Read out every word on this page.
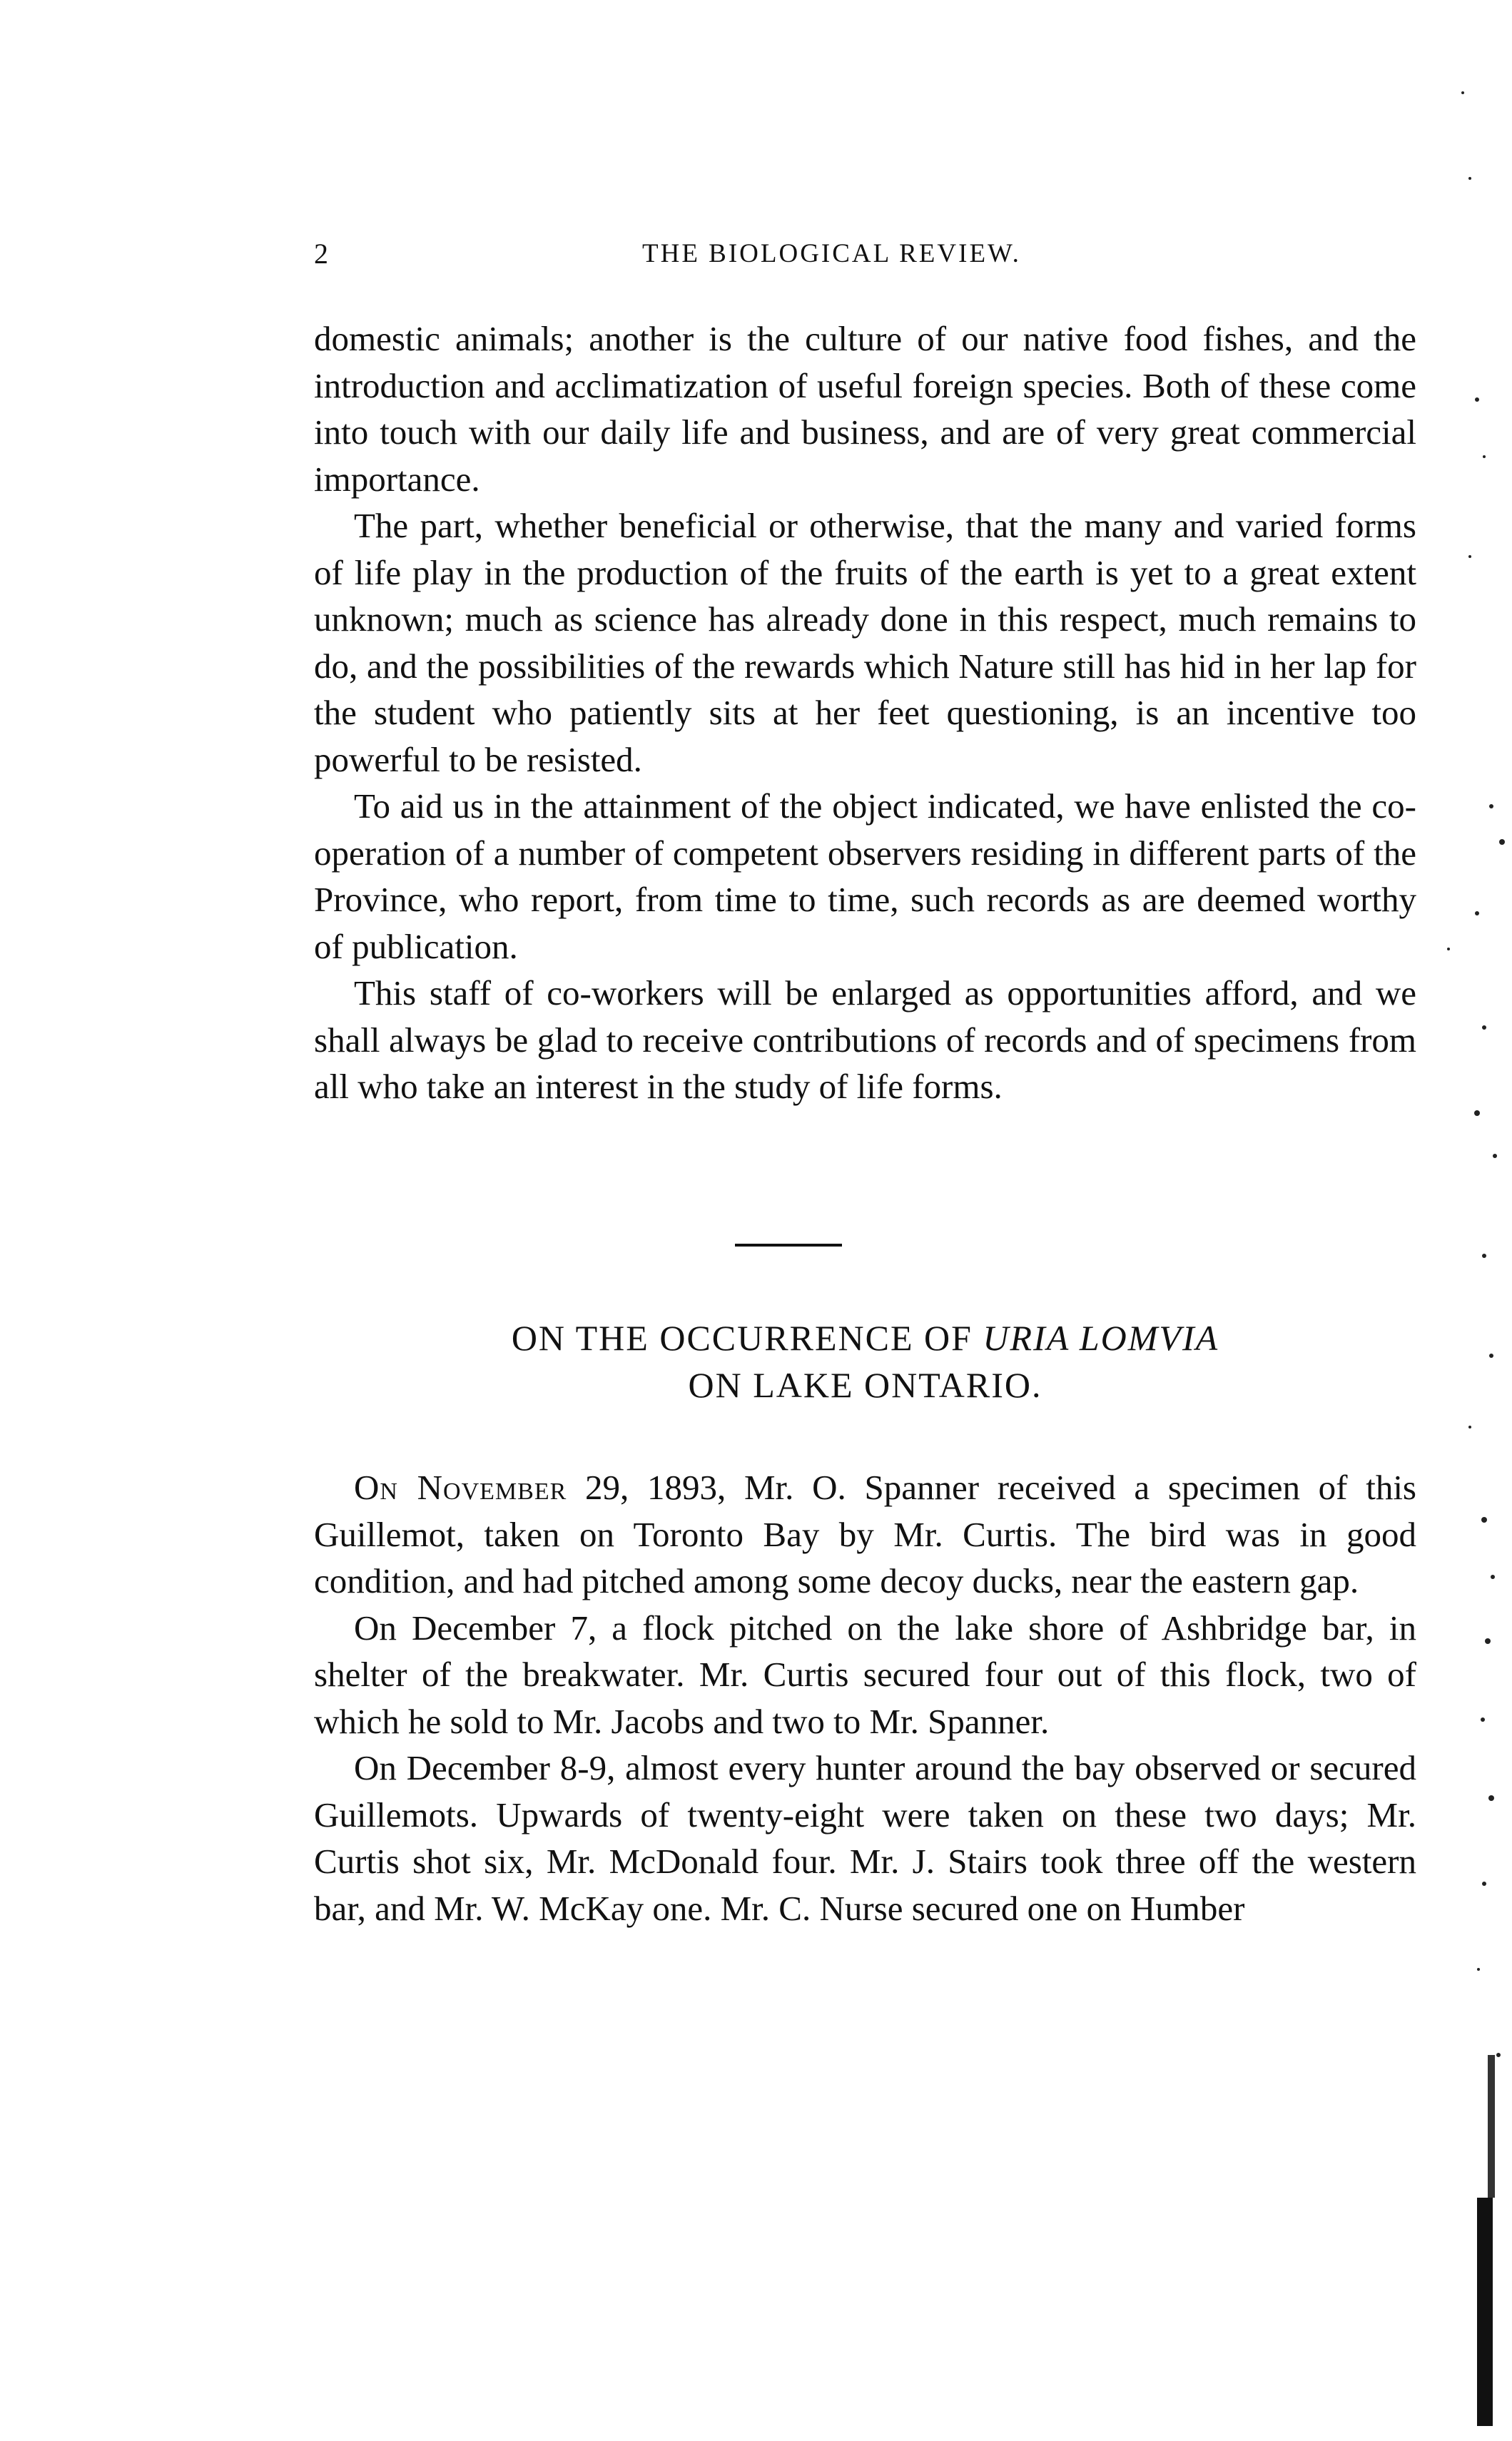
2	THE BIOLOGICAL REVIEW.

domestic animals; another is the culture of our native food fishes, and the introduction and acclimatization of useful foreign species. Both of these come into touch with our daily life and business, and are of very great commercial importance.

The part, whether beneficial or otherwise, that the many and varied forms of life play in the production of the fruits of the earth is yet to a great extent unknown; much as science has already done in this respect, much remains to do, and the possibilities of the rewards which Nature still has hid in her lap for the student who patiently sits at her feet questioning, is an incentive too powerful to be resisted.

To aid us in the attainment of the object indicated, we have enlisted the co-operation of a number of competent observers residing in different parts of the Province, who report, from time to time, such records as are deemed worthy of publication.

This staff of co-workers will be enlarged as opportunities afford, and we shall always be glad to receive contributions of records and of specimens from all who take an interest in the study of life forms.

ON THE OCCURRENCE OF URIA LOMVIA
ON LAKE ONTARIO.

On November 29, 1893, Mr. O. Spanner received a specimen of this Guillemot, taken on Toronto Bay by Mr. Curtis. The bird was in good condition, and had pitched among some decoy ducks, near the eastern gap.

On December 7, a flock pitched on the lake shore of Ashbridge bar, in shelter of the breakwater. Mr. Curtis secured four out of this flock, two of which he sold to Mr. Jacobs and two to Mr. Spanner.

On December 8-9, almost every hunter around the bay observed or secured Guillemots. Upwards of twenty-eight were taken on these two days; Mr. Curtis shot six, Mr. McDonald four. Mr. J. Stairs took three off the western bar, and Mr. W. McKay one. Mr. C. Nurse secured one on Humber
